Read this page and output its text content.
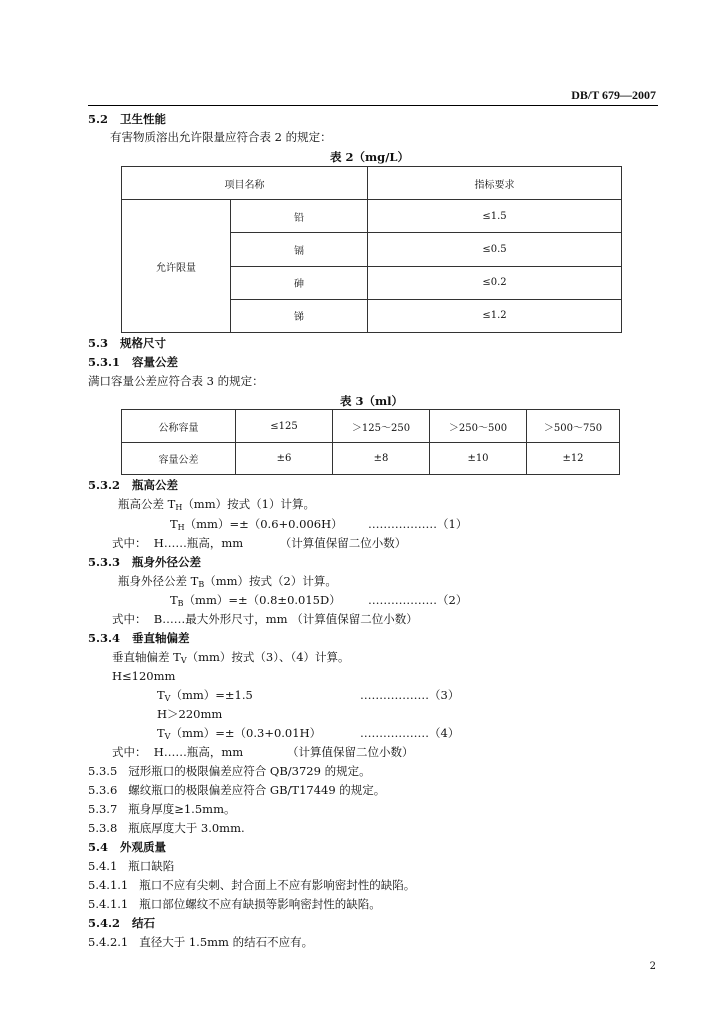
DB/T 679—2007
5.2 卫生性能
有害物质溶出允许限量应符合表 2 的规定：
表 2（mg/L）
项目名称		指标要求
允许限量	铅	≤1.5
	镉	≤0.5
	砷	≤0.2
	锑	≤1.2
5.3 规格尺寸
5.3.1 容量公差
满口容量公差应符合表 3 的规定：
表 3（ml）
公称容量	≤125	＞125～250	＞250～500	＞500～750
容量公差	±6	±8	±10	±12
5.3.2 瓶高公差
瓶高公差 $T_H(mm)$按式（1）计算。
$T_H(mm)=\pm(0.6+0.006H)$ ………………（1）
式中：  H……瓶高，mm          （计算值保留二位小数）
5.3.3 瓶身外径公差
瓶身外径公差 $T_B(mm)$按式（2）计算。
$T_B(mm)=\pm(0.8\pm 0.015D)$ ………………（2）
式中：  B……最大外形尺寸，mm （计算值保留二位小数）
5.3.4 垂直轴偏差
垂直轴偏差 $T_V(mm)$按式（3）、（4）计算。
H≤120mm
$T_V(mm)=\pm 1.5$	………………（3）
H＞220mm
$T_V(mm)=\pm(0.3+0.01H)$	………………（4）
式中：  H……瓶高，mm            （计算值保留二位小数）
5.3.5 冠形瓶口的极限偏差应符合 QB/3729 的规定。
5.3.6 螺纹瓶口的极限偏差应符合 GB/T17449 的规定。
5.3.7 瓶身厚度≥1.5mm。
5.3.8 瓶底厚度大于 3.0mm.
5.4 外观质量
5.4.1 瓶口缺陷
5.4.1.1 瓶口不应有尖刺、封合面上不应有影响密封性的缺陷。
5.4.1.1 瓶口部位螺纹不应有缺损等影响密封性的缺陷。
5.4.2 结石
5.4.2.1 直径大于 1.5mm 的结石不应有。
2
